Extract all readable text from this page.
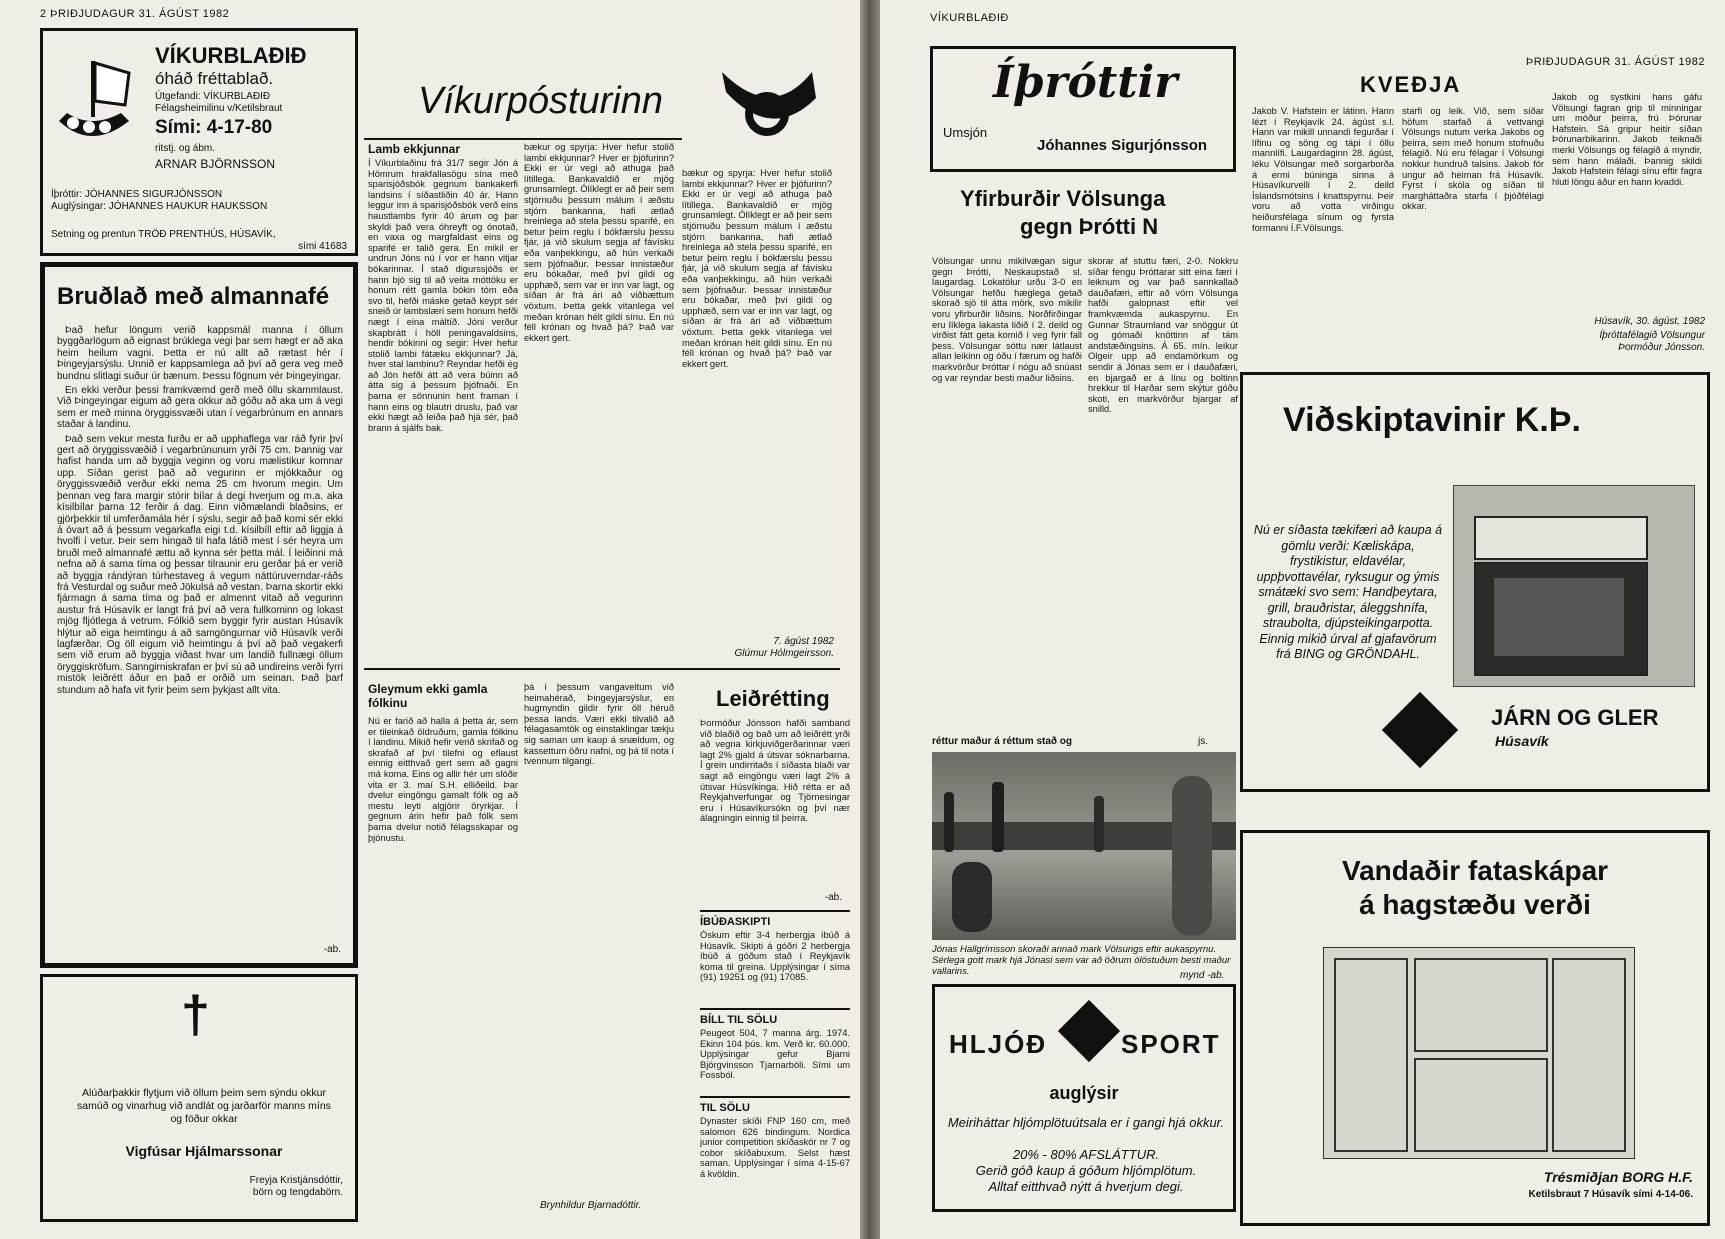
2 ÞRIÐJUDAGUR 31. ÁGÚST 1982
VÍKURBLAÐIÐ
óháð fréttablað.
Útgefandi: VÍKURBLAÐIÐ
Félagsheimilinu v/Ketilsbraut
Sími: 4-17-80
ritstj. og ábm.
ARNAR BJÖRNSSON
Íþróttir: JÓHANNES SIGURJÓNSSON
Auglýsingar: JÓHANNES HAUKUR HAUKSSON
Setning og prentun TRÖÐ PRENTHÚS, HÚSAVÍK,
sími 41683
Bruðlað með almannafé

Það hefur löngum verið kappsmál manna í öllum byggðarlögum að eignast brúklega vegi þar sem hægt er að aka heim heilum vagni. Þetta er nú allt að rætast hér í Þingeyjarsýslu. Unnið er kappsamlega að því að gera veg með bundnu slitlagi suður úr bænum. Þessu fögnum vér Þingeyingar.

En ekki verður þessi framkvæmd gerð með öllu skammlaust. Við Þingeyingar eigum að gera okkur að góðu að aka um á vegi sem er með minna öryggissvæði utan í vegarbrúnum en annars staðar á landinu.

Það sem vekur mesta furðu er að upphaflega var ráð fyrir því gert að öryggissvæðið í vegarbrúnunum yrði 75 cm. Þannig var hafist handa um að byggja veginn og voru mælistikur komnar upp. Síðan gerist það að vegurinn er mjókkaður og öryggissvæðið verður ekki nema 25 cm hvorum megin. Um þennan veg fara margir stórir bílar á degi hverjum og m.a. aka kísilbílar þarna 12 ferðir á dag. Einn viðmælandi blaðsins, er gjörþekkir til umferðamála hér í sýslu, segir að það komi sér ekki á óvart að á þessum vegarkafla eigi t.d. kísilbíll eftir að liggja á hvolfi í vetur. Þeir sem hingað til hafa látið mest í sér heyra um bruðl með almannafé ættu að kynna sér þetta mál. Í leiðinni má nefna að á sama tíma og þessar tilraunir eru gerðar þá er verið að byggja rándýran túrhestaveg á vegum náttúruverndar-ráðs frá Vesturdal og suður með Jökulsá að vestan. Þarna skortir ekki fjármagn á sama tíma og það er almennt vitað að vegurinn austur frá Húsavík er langt frá því að vera fullkominn og lokast mjög fljótlega á vetrum. Fólkið sem byggir fyrir austan Húsavík hlýtur að eiga heimtingu á að samgöngurnar við Húsavík verði lagfærðar. Og öll eigum við heimtingu á því að það vegakerfi sem við erum að byggja viðast hvar um landið fullnægi öllum öryggiskröfum. Sanngirniskrafan er því sú að undireins verði fyrri mistök leiðrétt áður en það er orðið um seinan. Það þarf stundum að hafa vit fyrir þeim sem þykjast allt vita.

-ab.
†
Alúðarþakkir flytjum við öllum þeim sem sýndu okkur samúð og vinarhug við andlát og jarðarför manns míns og föður okkar
Vigfúsar Hjálmarssonar
Freyja Kristjánsdóttir,
börn og tengdabörn.
Víkurpósturinn
Lamb ekkjunnar
Í Víkurblaðinu frá 31/7 segir Jón á Hömrum hrakfallasögu sína með sparisjóðsbók gegnum bankakerfi landsins í síðastliðin 40 ár. Hann leggur inn á sparisjóðsbók verð eins haustlambs fyrir 40 árum og þar skyldi það vera óhreyft og ónotað, en vaxa og margfaldast eins og sparifé er talið gera. En mikil er undrun Jóns nú í vor er hann vitjar bókarinnar. Í stað digurssjóðs er hann bjó sig til að veita móttöku er honum rétt gamla bókin tóm eða svo til, hefði máske getað keypt sér sneið úr lambslæri sem honum hefði nægt í eina máltíð. Jóni verður skapbrátt í höll peningavaldsins, hendir bókinni og segir: Hver hefur stolið lambi fátæku ekkjunnar? Já, hver stal lambinu? Reyndar hefði ég að Jón hefði átt að vera búinn að átta sig á þessum þjófnaði. En þarna er sönnunin hent framan í hann eins og blautri druslu, það var ekki hægt að leiða það hjá sér, það brann á sjálfs bak.
bækur og spyrja: Hver hefur stolið lambi ekkjunnar? Hver er þjófurinn? Ekki er úr vegi að athuga það lítillega. Bankavaldið er mjög grunsamlegt. Ólíklegt er að þeir sem stjórnuðu þessum málum í æðstu stjórn bankanna, hafi ætlað hreinlega að stela þessu sparifé, en betur þeim reglu í bókfærslu þessu fjár, já við skulum segja af fávísku eða vanþekkingu, að hún verkaði sem þjófnaður. Þessar innistæður eru bókaðar, með því gildi og upphæð, sem var er inn var lagt, og síðan ár frá ári að viðbættum vöxtum. Þetta gekk vitanlega vel meðan krónan hélt gildi sínu. En nú féll krónan og hvað þá? Það var ekkert gert.
bækur og spyrja: Hver hefur stolið lambi ekkjunnar? Hver er þjófurinn? Ekki er úr vegi að athuga það lítillega. Bankavaldið er mjög grunsamlegt. Ólíklegt er að þeir sem stjórnuðu þessum málum í æðstu stjórn bankanna, hafi ætlað hreinlega að stela þessu sparifé, en betur þeim reglu í bókfærslu þessu fjár, já við skulum segja af fávísku eða vanþekkingu, að hún verkaði sem þjófnaður. Þessar innistæður eru bókaðar, með því gildi og upphæð, sem var er inn var lagt, og síðan ár frá ári að viðbættum vöxtum. Þetta gekk vitanlega vel meðan krónan hélt gildi sínu. En nú féll krónan og hvað þá? Það var ekkert gert.
7. ágúst 1982
Glúmur Hólmgeirsson.
Gleymum ekki gamla fólkinu
Nú er farið að halla á þetta ár, sem er tileinkað öldruðum, gamla fólkinu í landinu. Mikið hefir verið skrifað og skrafað af því tilefni og eflaust einnig eitthvað gert sem að gagni má koma. Eins og allir hér um slóðir vita er 3. maí S.H. elliðeild. Þar dvelur eingöngu gamalt fólk og að mestu leyti algjörir öryrkjar. Í gegnum árin hefir það fólk sem þarna dvelur notið félagsskapar og þjónustu.
þá í þessum vangaveltum við heimahérað, Þingeyjarsýslur, en hugmyndin gildir fyrir öll héruð þessa lands. Væri ekki tilvalið að félagasamtök og einstaklingar tækju sig saman um kaup á snældum, og kassettum öðru nafni, og þá til nota í tvennum tilgangi.
Leiðrétting
Þormóður Jónsson hafði samband við blaðið og bað um að leiðrétt yrði að vegna kirkjuviðgerðarinnar væri lagt 2% gjald á útsvar sóknarbarna. Í grein undirritaðs í síðasta blaði var sagt að eingöngu væri lagt 2% á útsvar Húsvíkinga. Hið rétta er að Reykjahverfungar og Tjörnesingar eru í Húsavíkursókn og því nær álagningin einnig til þeirra.
-ab.
ÍBÚÐASKIPTI
Óskum eftir 3-4 herbergja íbúð á Húsavík. Skipti á góðri 2 herbergja íbúð á góðum stað í Reykjavík koma til greina. Upplýsingar í síma (91) 19251 og (91) 17085.
BÍLL TIL SÖLU
Peugeot 504, 7 manna árg. 1974. Ekinn 104 þús. km. Verð kr. 60.000. Upplýsingar gefur Bjarni Björgvinsson Tjarnarbóli. Sími um Fossból.
TIL SÖLU
Dynaster skíði FNP 160 cm, með salomon 626 bindingum. Nordica junior competition skíðaskór nr 7 og cobor skíðabuxum. Selst hæst saman. Upplýsingar í síma 4-15-67 á kvöldin.
Brynhildur Bjarnadóttir.
VÍKURBLAÐIÐ
ÞRIÐJUDAGUR 31. ÁGÚST 1982
Íþróttir
Umsjón
Jóhannes Sigurjónsson
Yfirburðir Völsunga
gegn Þrótti N
Völsungar unnu mikilvægan sigur gegn Þrótti, Neskaupstað sl. laugardag. Lokatölur urðu 3-0 en Völsungar hefðu hæglega getað skorað sjö til átta mörk, svo mikilir voru yfirburðir liðsins. Norðfirðingar eru líklega lakasta liðið í 2. deild og virðist fátt geta komið í veg fyrir fall þess. Völsungar sóttu nær látlaust allan leikinn og óðu í færum og hafði markvörður Þróttar í nógu að snúast og var reyndar besti maður liðsins.
skorar af stuttu færi, 2-0. Nokkru síðar fengu Þróttarar sitt eina færi í leiknum og var það sannkallað dauðafæri, eftir að vörn Völsunga hafði galopnast eftir vel framkvæmda aukaspyrnu. En Gunnar Straumland var snöggur út og gómaði knöttinn af tám andstæðingsins. Á 65. mín. leikur Olgeir upp að endamörkum og sendir á Jónas sem er í dauðafæri, en bjargað er á línu og boltinn hrekkur til Harðar sem skýtur góðu skoti, en markvörður bjargar af snilld.
réttur maður á réttum stað og	js.
Jónas Hallgrímsson skoraði annað mark Völsungs eftir aukaspyrnu. Sérlega gott mark hjá Jónasi sem var að öðrum ólöstuðum besti maður vallarins.	mynd -ab.
HLJÓÐ	SPORT
auglýsir
Meiriháttar hljómplötuútsala er í gangi hjá okkur.
20% - 80% AFSLÁTTUR.
Gerið góð kaup á góðum hljómplötum.
Alltaf eitthvað nýtt á hverjum degi.
KVEÐJA
Jakob V. Hafstein er látinn. Hann lézt í Reykjavík 24. ágúst s.l. Hann var mikill unnandi fegurðar í lífinu og söng og tápi í öllu mannlífi. Laugardaginn 28. ágúst, léku Völsungar með sorgarborða á ermi búninga sinna á Húsavíkurvelli í 2. deild Íslandsmótsins í knattspyrnu. Þeir voru að votta virðingu heiðursfélaga sínum og fyrsta formanni Í.F.Völsungs.
starfi og leik. Við, sem síðar höfum starfað á vettvangi Völsungs nutum verka Jakobs og þeirra, sem með honum stofnuðu félagið. Nú eru félagar í Völsungi nokkur hundruð talsins. Jakob fór ungur að heiman frá Húsavík. Fyrst í skóla og síðan til margháttaðra starfa í þjóðfélagi okkar.
Jakob og systkini hans gáfu Völsungi fagran grip til minningar um móður þeirra, frú Þórunar Hafstein. Sá gripur heitir síðan Þórunarbikarinn. Jakob teiknaði merki Völsungs og félagið á myndir, sem hann málaði. Þannig skildi Jakob Hafstein félagi sínu eftir fagra hluti löngu áður en hann kvaddi.
Húsavík, 30. ágúst, 1982
Íþróttafélagið Völsungur Þormóður Jónsson.
Viðskiptavinir K.Þ.
Nú er síðasta tækifæri að kaupa á gömlu verði: Kæliskápa, frystikistur, eldavélar, uppþvottavélar, ryksugur og ýmis smátæki svo sem: Handþeytara, grill, brauðristar, áleggshnífa, straubolta, djúpsteikingarpotta. Einnig mikið úrval af gjafavörum frá BING og GRÖNDAHL.
JÁRN OG GLER
Húsavík
Vandaðir fataskápar
á hagstæðu verði
Trésmiðjan BORG H.F.
Ketilsbraut 7 Húsavík sími 4-14-06.
